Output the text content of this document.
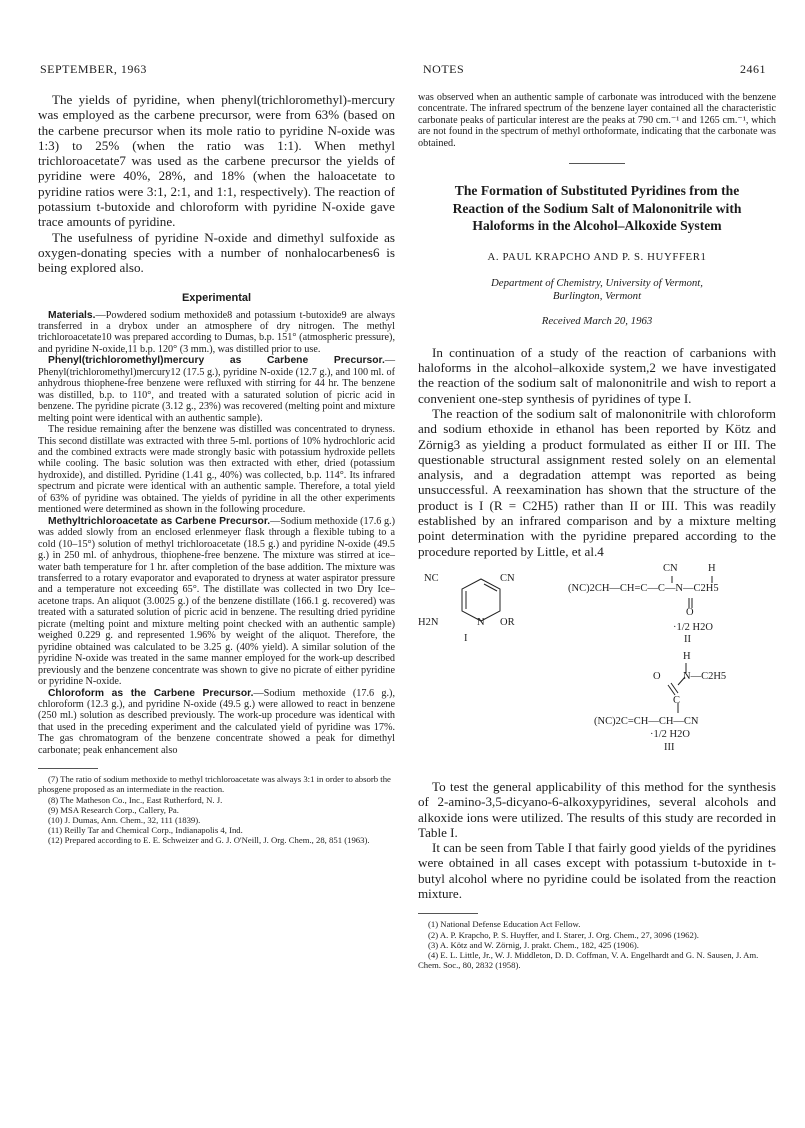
SEPTEMBER, 1963	NOTES	2461

The yields of pyridine, when phenyl(trichloromethyl)-mercury was employed as the carbene precursor, were from 63% (based on the carbene precursor when its mole ratio to pyridine N-oxide was 1:3) to 25% (when the ratio was 1:1). When methyl trichloroacetate7 was used as the carbene precursor the yields of pyridine were 40%, 28%, and 18% (when the haloacetate to pyridine ratios were 3:1, 2:1, and 1:1, respectively). The reaction of potassium t-butoxide and chloroform with pyridine N-oxide gave trace amounts of pyridine.

The usefulness of pyridine N-oxide and dimethyl sulfoxide as oxygen-donating species with a number of nonhalocarbenes6 is being explored also.

Experimental

Materials.—Powdered sodium methoxide8 and potassium t-butoxide9 are always transferred in a drybox under an atmosphere of dry nitrogen. The methyl trichloroacetate10 was prepared according to Dumas, b.p. 151° (atmospheric pressure), and pyridine N-oxide,11 b.p. 120° (3 mm.), was distilled prior to use.

Phenyl(trichloromethyl)mercury as Carbene Precursor.—Phenyl(trichloromethyl)mercury12 (17.5 g.), pyridine N-oxide (12.7 g.), and 100 ml. of anhydrous thiophene-free benzene were refluxed with stirring for 44 hr. The benzene was distilled, b.p. to 110°, and treated with a saturated solution of picric acid in benzene. The pyridine picrate (3.12 g., 23%) was recovered (melting point and mixture melting point were identical with an authentic sample).

The residue remaining after the benzene was distilled was concentrated to dryness. This second distillate was extracted with three 5-ml. portions of 10% hydrochloric acid and the combined extracts were made strongly basic with potassium hydroxide pellets while cooling. The basic solution was then extracted with ether, dried (potassium hydroxide), and distilled. Pyridine (1.41 g., 40%) was collected, b.p. 114°. Its infrared spectrum and picrate were identical with an authentic sample. Therefore, a total yield of 63% of pyridine was obtained. The yields of pyridine in all the other experiments mentioned were determined as shown in the following procedure.

Methyltrichloroacetate as Carbene Precursor.—Sodium methoxide (17.6 g.) was added slowly from an enclosed erlenmeyer flask through a flexible tubing to a cold (10–15°) solution of methyl trichloroacetate (18.5 g.) and pyridine N-oxide (49.5 g.) in 250 ml. of anhydrous, thiophene-free benzene. The mixture was stirred at ice–water bath temperature for 1 hr. after completion of the base addition. The mixture was transferred to a rotary evaporator and evaporated to dryness at water aspirator pressure and a temperature not exceeding 65°. The distillate was collected in two Dry Ice–acetone traps. An aliquot (3.0025 g.) of the benzene distillate (166.1 g. recovered) was treated with a saturated solution of picric acid in benzene. The resulting dried pyridine picrate (melting point and mixture melting point checked with an authentic sample) weighed 0.229 g. and represented 1.96% by weight of the aliquot. Therefore, the pyridine obtained was calculated to be 3.25 g. (40% yield). A similar solution of the pyridine N-oxide was treated in the same manner employed for the work-up described previously and the benzene concentrate was shown to give no picrate of either pyridine or pyridine N-oxide.

Chloroform as the Carbene Precursor.—Sodium methoxide (17.6 g.), chloroform (12.3 g.), and pyridine N-oxide (49.5 g.) were allowed to react in benzene (250 ml.) solution as described previously. The work-up procedure was identical with that used in the preceding experiment and the calculated yield of pyridine was 17%. The gas chromatogram of the benzene concentrate showed a peak for dimethyl carbonate; peak enhancement also

(7) The ratio of sodium methoxide to methyl trichloroacetate was always 3:1 in order to absorb the phosgene proposed as an intermediate in the reaction.
(8) The Matheson Co., Inc., East Rutherford, N. J.
(9) MSA Research Corp., Callery, Pa.
(10) J. Dumas, Ann. Chem., 32, 111 (1839).
(11) Reilly Tar and Chemical Corp., Indianapolis 4, Ind.
(12) Prepared according to E. E. Schweizer and G. J. O'Neill, J. Org. Chem., 28, 851 (1963).

was observed when an authentic sample of carbonate was introduced with the benzene concentrate. The infrared spectrum of the benzene layer contained all the characteristic carbonate peaks of particular interest are the peaks at 790 cm.⁻¹ and 1265 cm.⁻¹, which are not found in the spectrum of methyl orthoformate, indicating that the carbonate was obtained.

The Formation of Substituted Pyridines from the Reaction of the Sodium Salt of Malononitrile with Haloforms in the Alcohol–Alkoxide System
A. PAUL KRAPCHO AND P. S. HUYFFER1
Department of Chemistry, University of Vermont,
Burlington, Vermont
Received March 20, 1963

In continuation of a study of the reaction of carbanions with haloforms in the alcohol–alkoxide system,2 we have investigated the reaction of the sodium salt of malononitrile and wish to report a convenient one-step synthesis of pyridines of type I.

The reaction of the sodium salt of malononitrile with chloroform and sodium ethoxide in ethanol has been reported by Kötz and Zörnig3 as yielding a product formulated as either II or III. The questionable structural assignment rested solely on an elemental analysis, and a degradation attempt was reported as being unsuccessful. A reexamination has shown that the structure of the product is I (R = C2H5) rather than II or III. This was readily established by an infrared comparison and by a mixture melting point determination with the pyridine prepared according to the procedure reported by Little, et al.4

NC	CN
H2N	N OR
I
CN	H
(NC)2CH—CH=C—C—N—C2H5
O
·1/2 H2O
II
H
O N—C2H5
C
(NC)2C=CH—CH—CN
·1/2 H2O
III

To test the general applicability of this method for the synthesis of 2-amino-3,5-dicyano-6-alkoxypyridines, several alcohols and alkoxide ions were utilized. The results of this study are recorded in Table I.

It can be seen from Table I that fairly good yields of the pyridines were obtained in all cases except with potassium t-butoxide in t-butyl alcohol where no pyridine could be isolated from the reaction mixture.

(1) National Defense Education Act Fellow.
(2) A. P. Krapcho, P. S. Huyffer, and I. Starer, J. Org. Chem., 27, 3096 (1962).
(3) A. Kötz and W. Zörnig, J. prakt. Chem., 182, 425 (1906).
(4) E. L. Little, Jr., W. J. Middleton, D. D. Coffman, V. A. Engelhardt and G. N. Sausen, J. Am. Chem. Soc., 80, 2832 (1958).
